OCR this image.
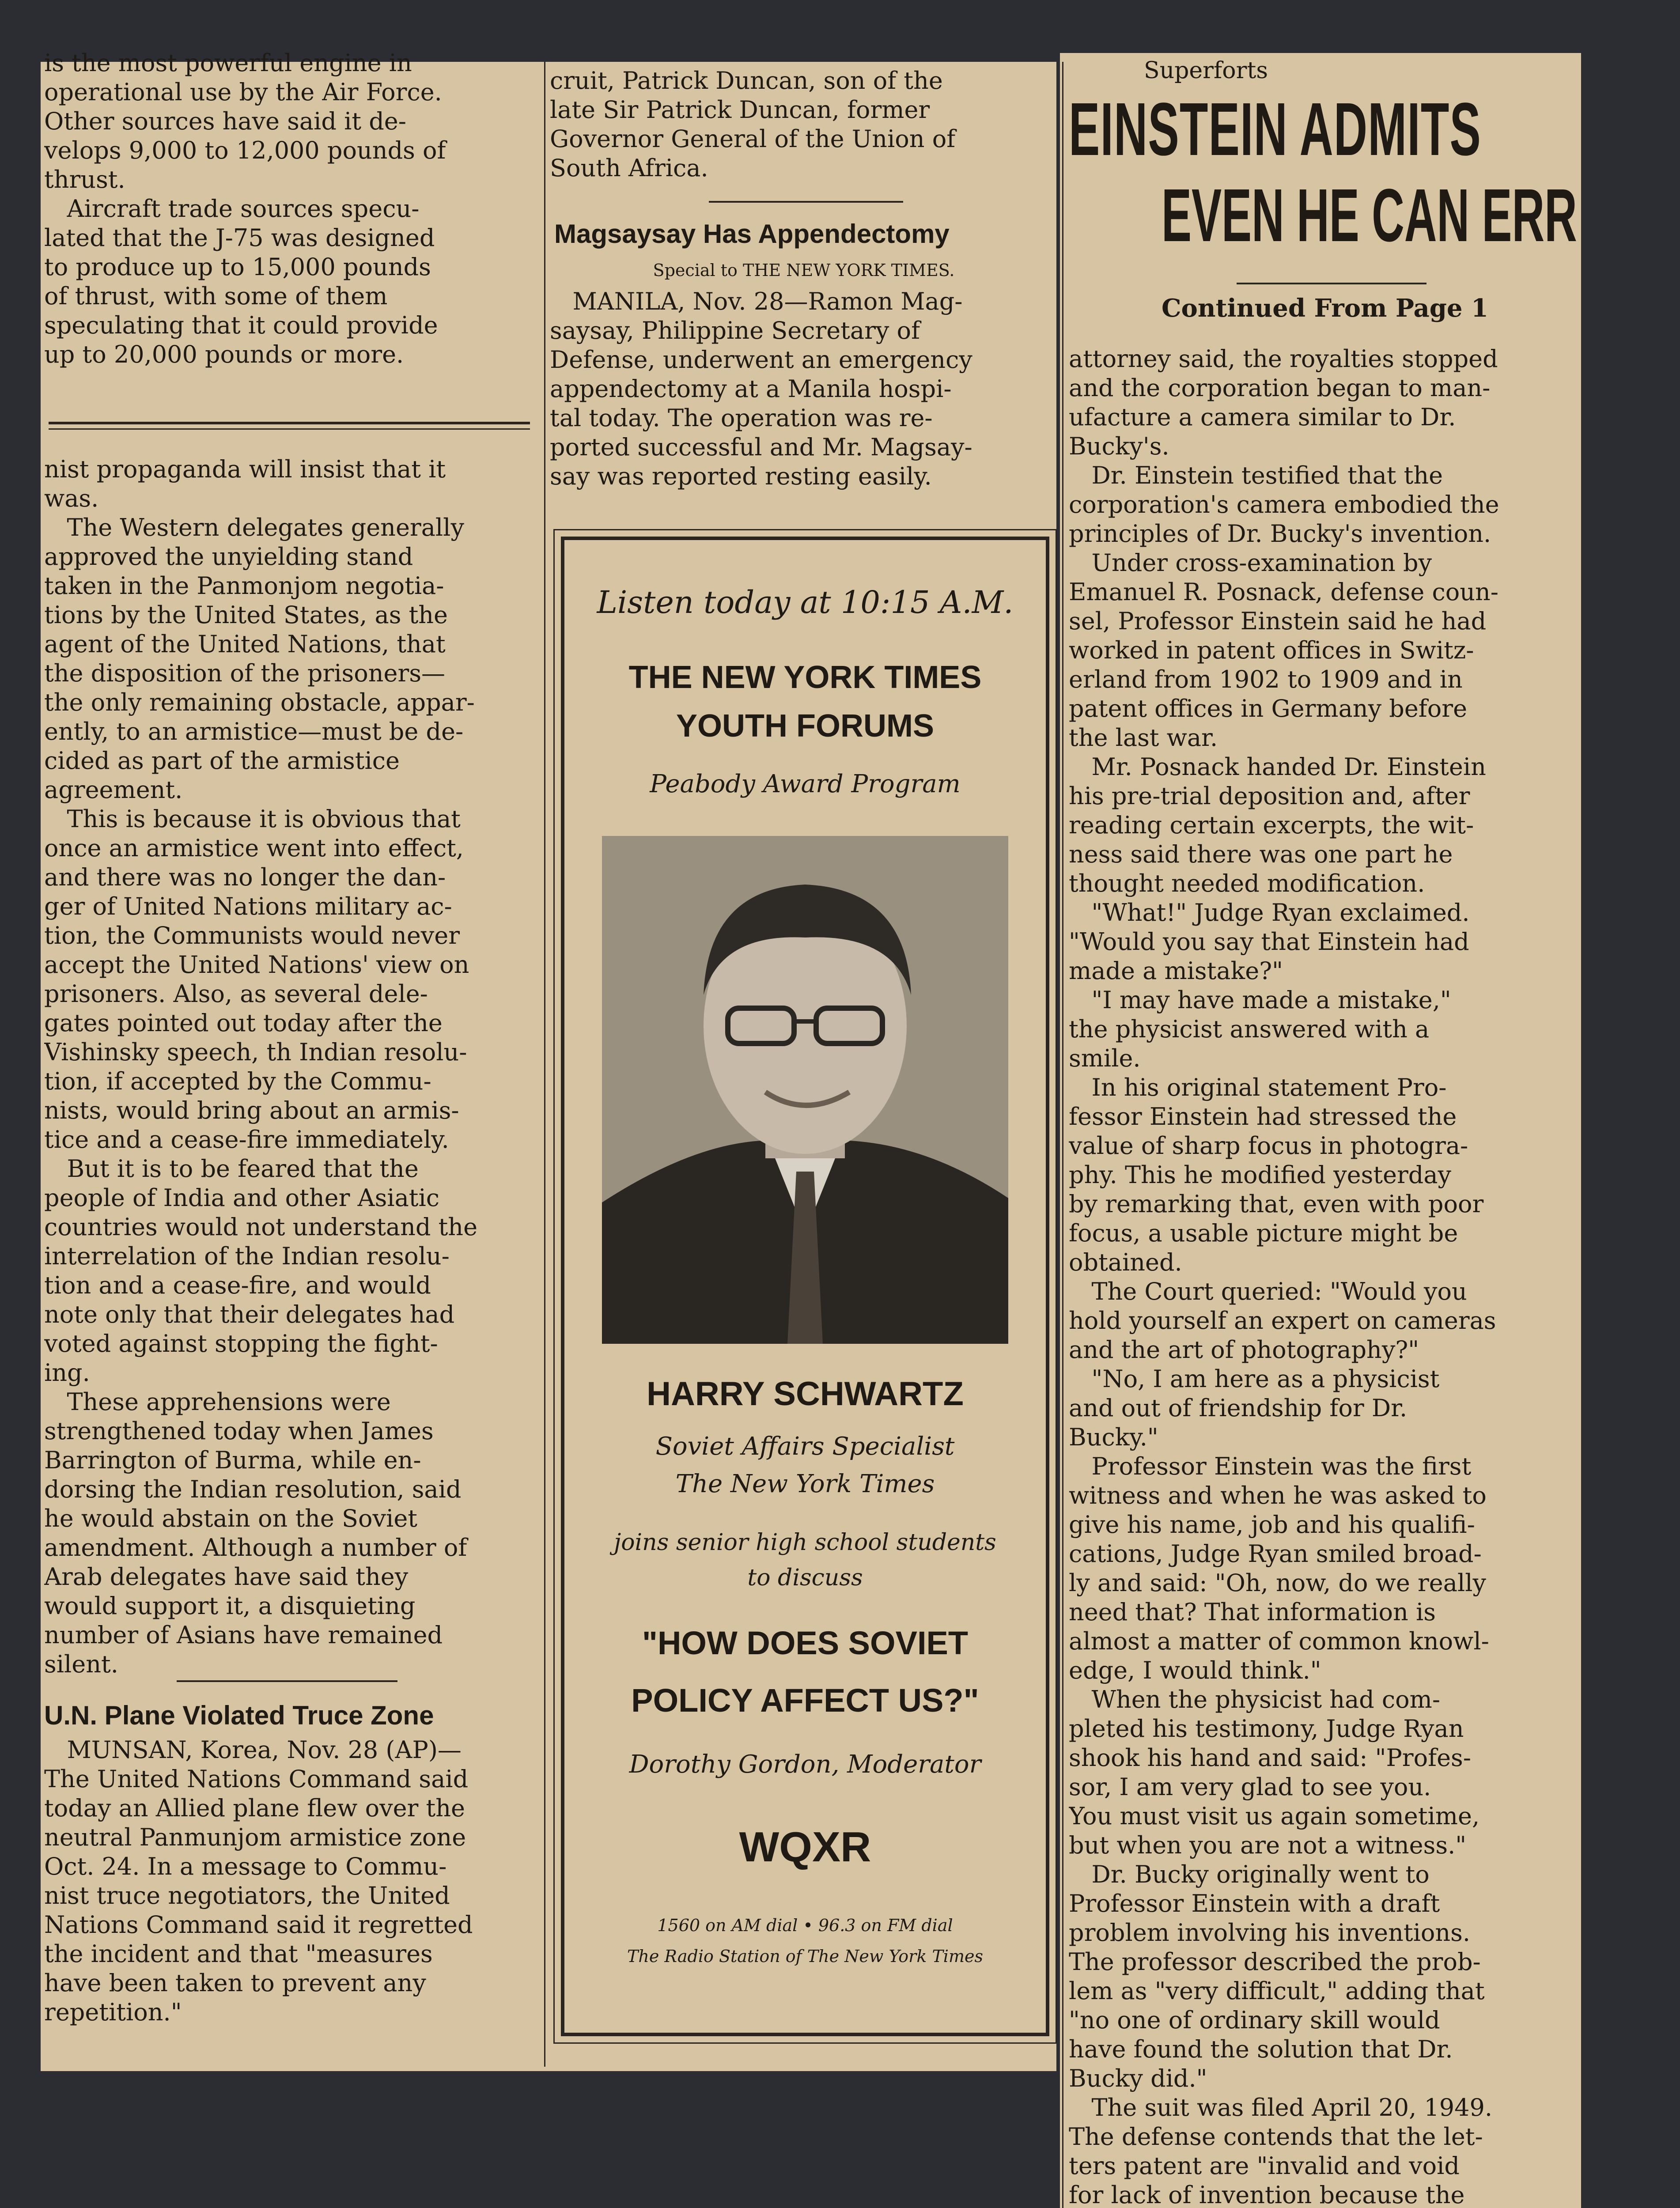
is the most powerful engine in
operational use by the Air Force.
Other sources have said it de-
velops 9,000 to 12,000 pounds of
thrust.
Aircraft trade sources specu-
lated that the J-75 was designed
to produce up to 15,000 pounds
of thrust, with some of them
speculating that it could provide
up to 20,000 pounds or more.
nist propaganda will insist that it
was.
The Western delegates generally
approved the unyielding stand
taken in the Panmonjom negotia-
tions by the United States, as the
agent of the United Nations, that
the disposition of the prisoners—
the only remaining obstacle, appar-
ently, to an armistice—must be de-
cided as part of the armistice
agreement.
This is because it is obvious that
once an armistice went into effect,
and there was no longer the dan-
ger of United Nations military ac-
tion, the Communists would never
accept the United Nations' view on
prisoners. Also, as several dele-
gates pointed out today after the
Vishinsky speech, th Indian resolu-
tion, if accepted by the Commu-
nists, would bring about an armis-
tice and a cease-fire immediately.
But it is to be feared that the
people of India and other Asiatic
countries would not understand the
interrelation of the Indian resolu-
tion and a cease-fire, and would
note only that their delegates had
voted against stopping the fight-
ing.
These apprehensions were
strengthened today when James
Barrington of Burma, while en-
dorsing the Indian resolution, said
he would abstain on the Soviet
amendment. Although a number of
Arab delegates have said they
would support it, a disquieting
number of Asians have remained
silent.
U.N. Plane Violated Truce Zone
MUNSAN, Korea, Nov. 28 (AP)—
The United Nations Command said
today an Allied plane flew over the
neutral Panmunjom armistice zone
Oct. 24. In a message to Commu-
nist truce negotiators, the United
Nations Command said it regretted
the incident and that "measures
have been taken to prevent any
repetition."
cruit, Patrick Duncan, son of the
late Sir Patrick Duncan, former
Governor General of the Union of
South Africa.
Magsaysay Has Appendectomy
Special to THE NEW YORK TIMES.
MANILA, Nov. 28—Ramon Mag-
saysay, Philippine Secretary of
Defense, underwent an emergency
appendectomy at a Manila hospi-
tal today. The operation was re-
ported successful and Mr. Magsay-
say was reported resting easily.
Listen today at 10:15 A.M.
THE NEW YORK TIMES
YOUTH FORUMS
Peabody Award Program
HARRY SCHWARTZ
Soviet Affairs Specialist
The New York Times
joins senior high school students
to discuss
"HOW DOES SOVIET
POLICY AFFECT US?"
Dorothy Gordon, Moderator
WQXR
1560 on AM dial • 96.3 on FM dial
The Radio Station of The New York Times
Superforts
EINSTEIN ADMITS
EVEN HE CAN ERR
Continued From Page 1
attorney said, the royalties stopped
and the corporation began to man-
ufacture a camera similar to Dr.
Bucky's.
Dr. Einstein testified that the
corporation's camera embodied the
principles of Dr. Bucky's invention.
Under cross-examination by
Emanuel R. Posnack, defense coun-
sel, Professor Einstein said he had
worked in patent offices in Switz-
erland from 1902 to 1909 and in
patent offices in Germany before
the last war.
Mr. Posnack handed Dr. Einstein
his pre-trial deposition and, after
reading certain excerpts, the wit-
ness said there was one part he
thought needed modification.
"What!" Judge Ryan exclaimed.
"Would you say that Einstein had
made a mistake?"
"I may have made a mistake,"
the physicist answered with a
smile.
In his original statement Pro-
fessor Einstein had stressed the
value of sharp focus in photogra-
phy. This he modified yesterday
by remarking that, even with poor
focus, a usable picture might be
obtained.
The Court queried: "Would you
hold yourself an expert on cameras
and the art of photography?"
"No, I am here as a physicist
and out of friendship for Dr.
Bucky."
Professor Einstein was the first
witness and when he was asked to
give his name, job and his qualifi-
cations, Judge Ryan smiled broad-
ly and said: "Oh, now, do we really
need that? That information is
almost a matter of common knowl-
edge, I would think."
When the physicist had com-
pleted his testimony, Judge Ryan
shook his hand and said: "Profes-
sor, I am very glad to see you.
You must visit us again sometime,
but when you are not a witness."
Dr. Bucky originally went to
Professor Einstein with a draft
problem involving his inventions.
The professor described the prob-
lem as "very difficult," adding that
"no one of ordinary skill would
have found the solution that Dr.
Bucky did."
The suit was filed April 20, 1949.
The defense contends that the let-
ters patent are "invalid and void
for lack of invention because the
